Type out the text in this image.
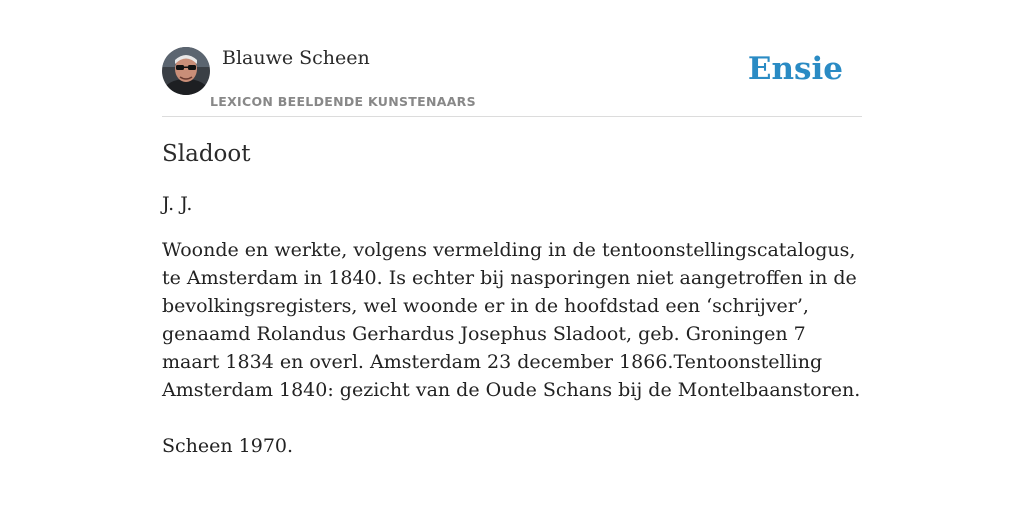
Blauwe Scheen
LEXICON BEELDENDE KUNSTENAARS
Ensie
Sladoot

J. J.

Woonde en werkte, volgens vermelding in de tentoonstellingscatalogus, te Amsterdam in 1840. Is echter bij nasporingen niet aangetroffen in de bevolkingsregisters, wel woonde er in de hoofdstad een ‘schrijver’, genaamd Rolandus Gerhardus Josephus Sladoot, geb. Groningen 7 maart 1834 en overl. Amsterdam 23 december 1866.Tentoonstelling Amsterdam 1840: gezicht van de Oude Schans bij de Montelbaanstoren.

Scheen 1970.
